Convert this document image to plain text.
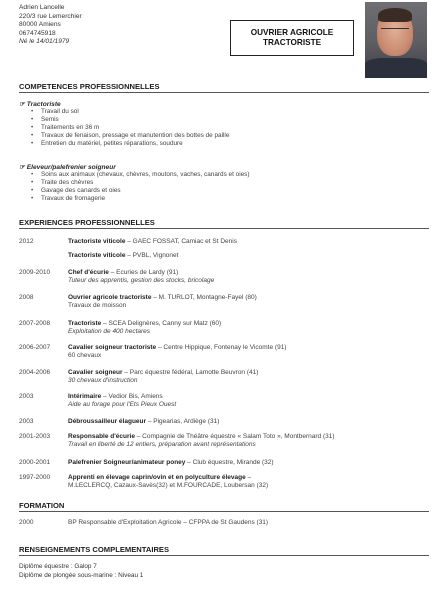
Adrien Lancelle
220/3 rue Lemerchier
80000 Amiens
0674745918
Né le 14/01/1979
OUVRIER AGRICOLE
TRACTORISTE
COMPETENCES PROFESSIONNELLES
☞ Tractoriste
• Travail du sol
• Semis
• Traitements en 36 m
• Travaux de fenaison, pressage et manutention des bottes de paille
• Entretien du matériel, petites réparations, soudure
☞ Eleveur/palefrenier soigneur
• Soins aux animaux (chevaux, chèvres, moutons, vaches, canards et oies)
• Traite des chèvres
• Gavage des canards et oies
• Travaux de fromagerie
EXPERIENCES PROFESSIONNELLES
2012	Tractoriste viticole – GAEC FOSSAT, Camiac et St Denis
Tractoriste viticole – PVBL, Vignonet
2009-2010	Chef d'écurie – Ecuries de Lardy (91)
Tuteur des apprentis, gestion des stocks, bricolage
2008	Ouvrier agricole tractoriste – M. TURLOT, Montagne-Fayel (80)
Travaux de moisson
2007-2008	Tractoriste – SCEA Delignères, Canny sur Matz (60)
Exploitation de 400 hectares
2006-2007	Cavalier soigneur tractoriste – Centre Hippique, Fontenay le Vicomte (91)
60 chevaux
2004-2006	Cavalier soigneur – Parc équestre fédéral, Lamotte Beuvron (41)
30 chevaux d'instruction
2003	Intérimaire – Vedior Bis, Amiens
Aide au forage pour l'Ets Pieux Ouest
2003	Débroussailleur élagueur – Pigearias, Ardiège (31)
2001-2003	Responsable d'écurie – Compagnie de Théâtre équestre « Salam Toto », Montbernard (31)
Travail en liberté de 12 entiers, préparation avant représentations
2000-2001	Palefrenier Soigneur/animateur poney – Club équestre, Mirande (32)
1997-2000	Apprenti en élevage caprin/ovin et en polyculture élevage –
M.LECLERCQ, Cazaux-Savès(32) et M.FOURCADE, Loubersan (32)
FORMATION
2000	BP Responsable d'Exploitation Agricole – CFPPA de St Gaudens (31)
RENSEIGNEMENTS COMPLEMENTAIRES
Diplôme équestre : Galop 7
Diplôme de plongée sous-marine : Niveau 1
